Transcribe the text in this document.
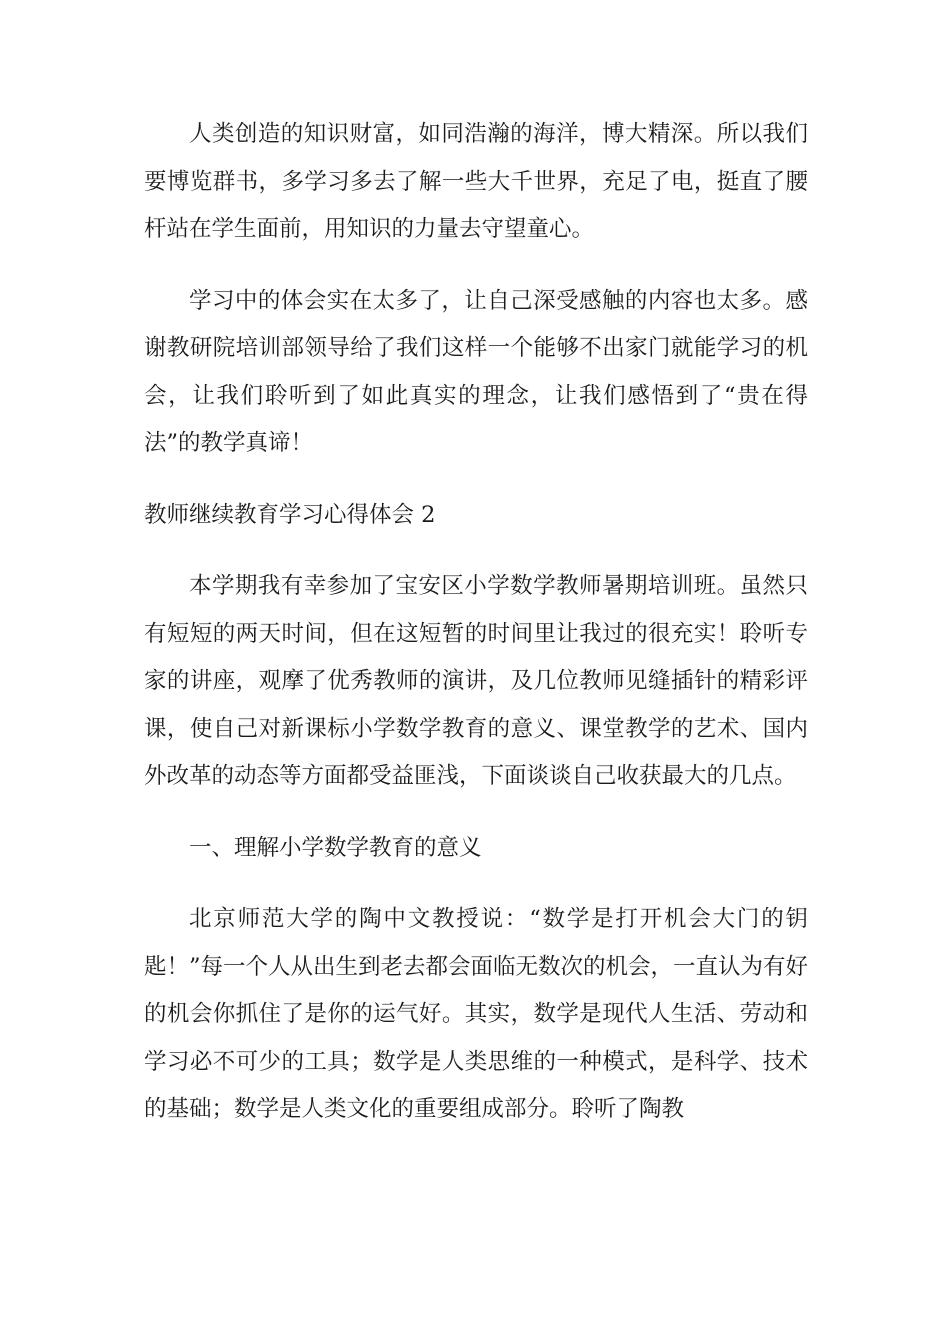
人类创造的知识财富，如同浩瀚的海洋，博大精深。所以我们要博览群书，多学习多去了解一些大千世界，充足了电，挺直了腰杆站在学生面前，用知识的力量去守望童心。

学习中的体会实在太多了，让自己深受感触的内容也太多。感谢教研院培训部领导给了我们这样一个能够不出家门就能学习的机会，让我们聆听到了如此真实的理念，让我们感悟到了“贵在得法”的教学真谛！

教师继续教育学习心得体会 2

本学期我有幸参加了宝安区小学数学教师暑期培训班。虽然只有短短的两天时间，但在这短暂的时间里让我过的很充实！聆听专家的讲座，观摩了优秀教师的演讲，及几位教师见缝插针的精彩评课，使自己对新课标小学数学教育的意义、课堂教学的艺术、国内外改革的动态等方面都受益匪浅，下面谈谈自己收获最大的几点。

一、理解小学数学教育的意义

北京师范大学的陶中文教授说：“数学是打开机会大门的钥匙！”每一个人从出生到老去都会面临无数次的机会，一直认为有好的机会你抓住了是你的运气好。其实，数学是现代人生活、劳动和学习必不可少的工具；数学是人类思维的一种模式，是科学、技术的基础；数学是人类文化的重要组成部分。聆听了陶教
